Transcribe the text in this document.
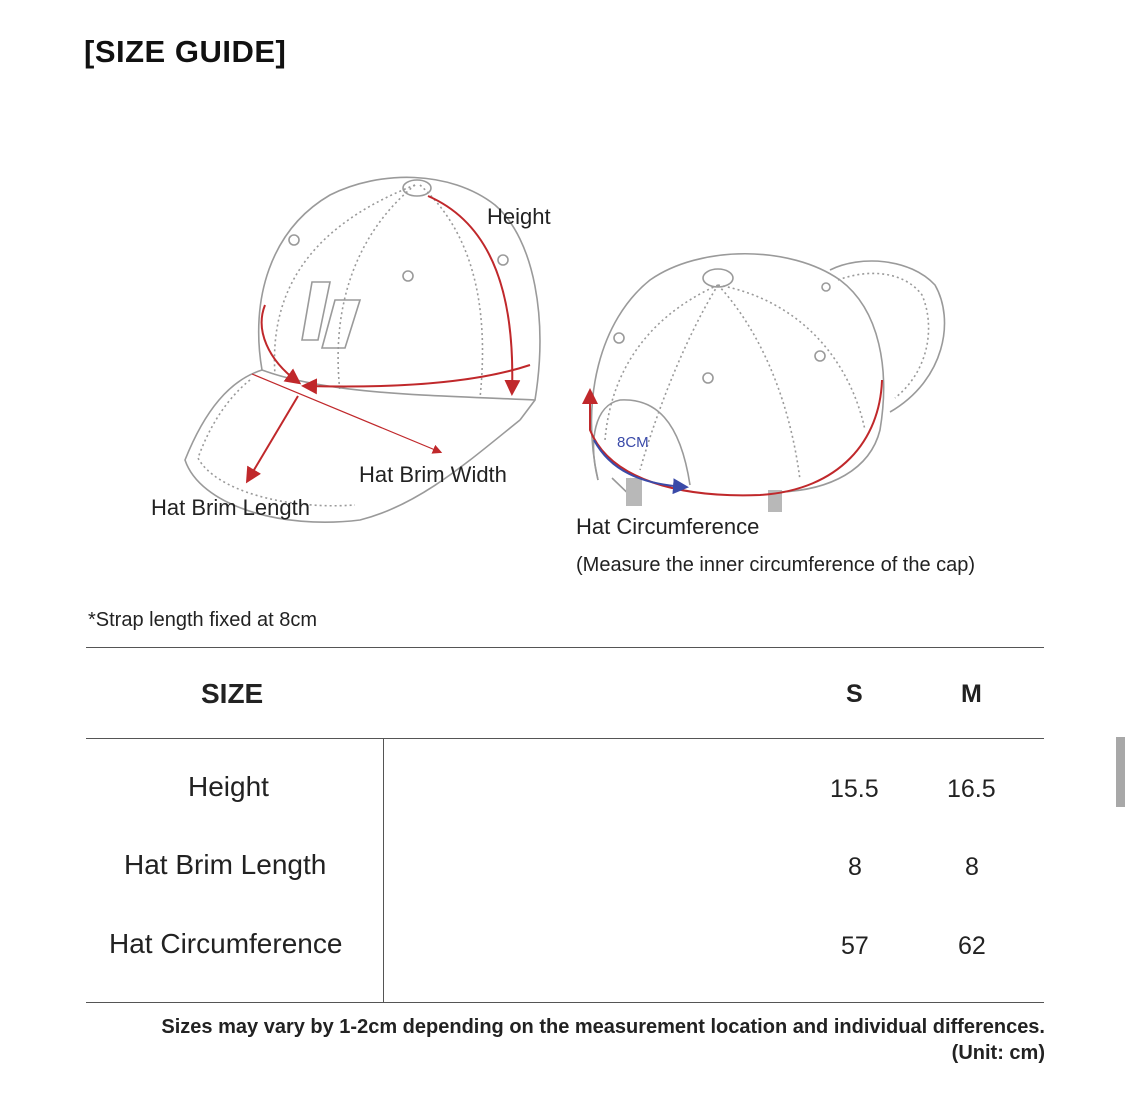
[SIZE GUIDE]
Height
Hat Brim Width
Hat Brim Length
8CM
Hat Circumference
(Measure the inner circumference of the cap)
*Strap length fixed at 8cm
SIZE	S	M
Height	15.5	16.5
Hat Brim Length	8	8
Hat Circumference	57	62
Sizes may vary by 1-2cm depending on the measurement location and individual differences.
(Unit: cm)
